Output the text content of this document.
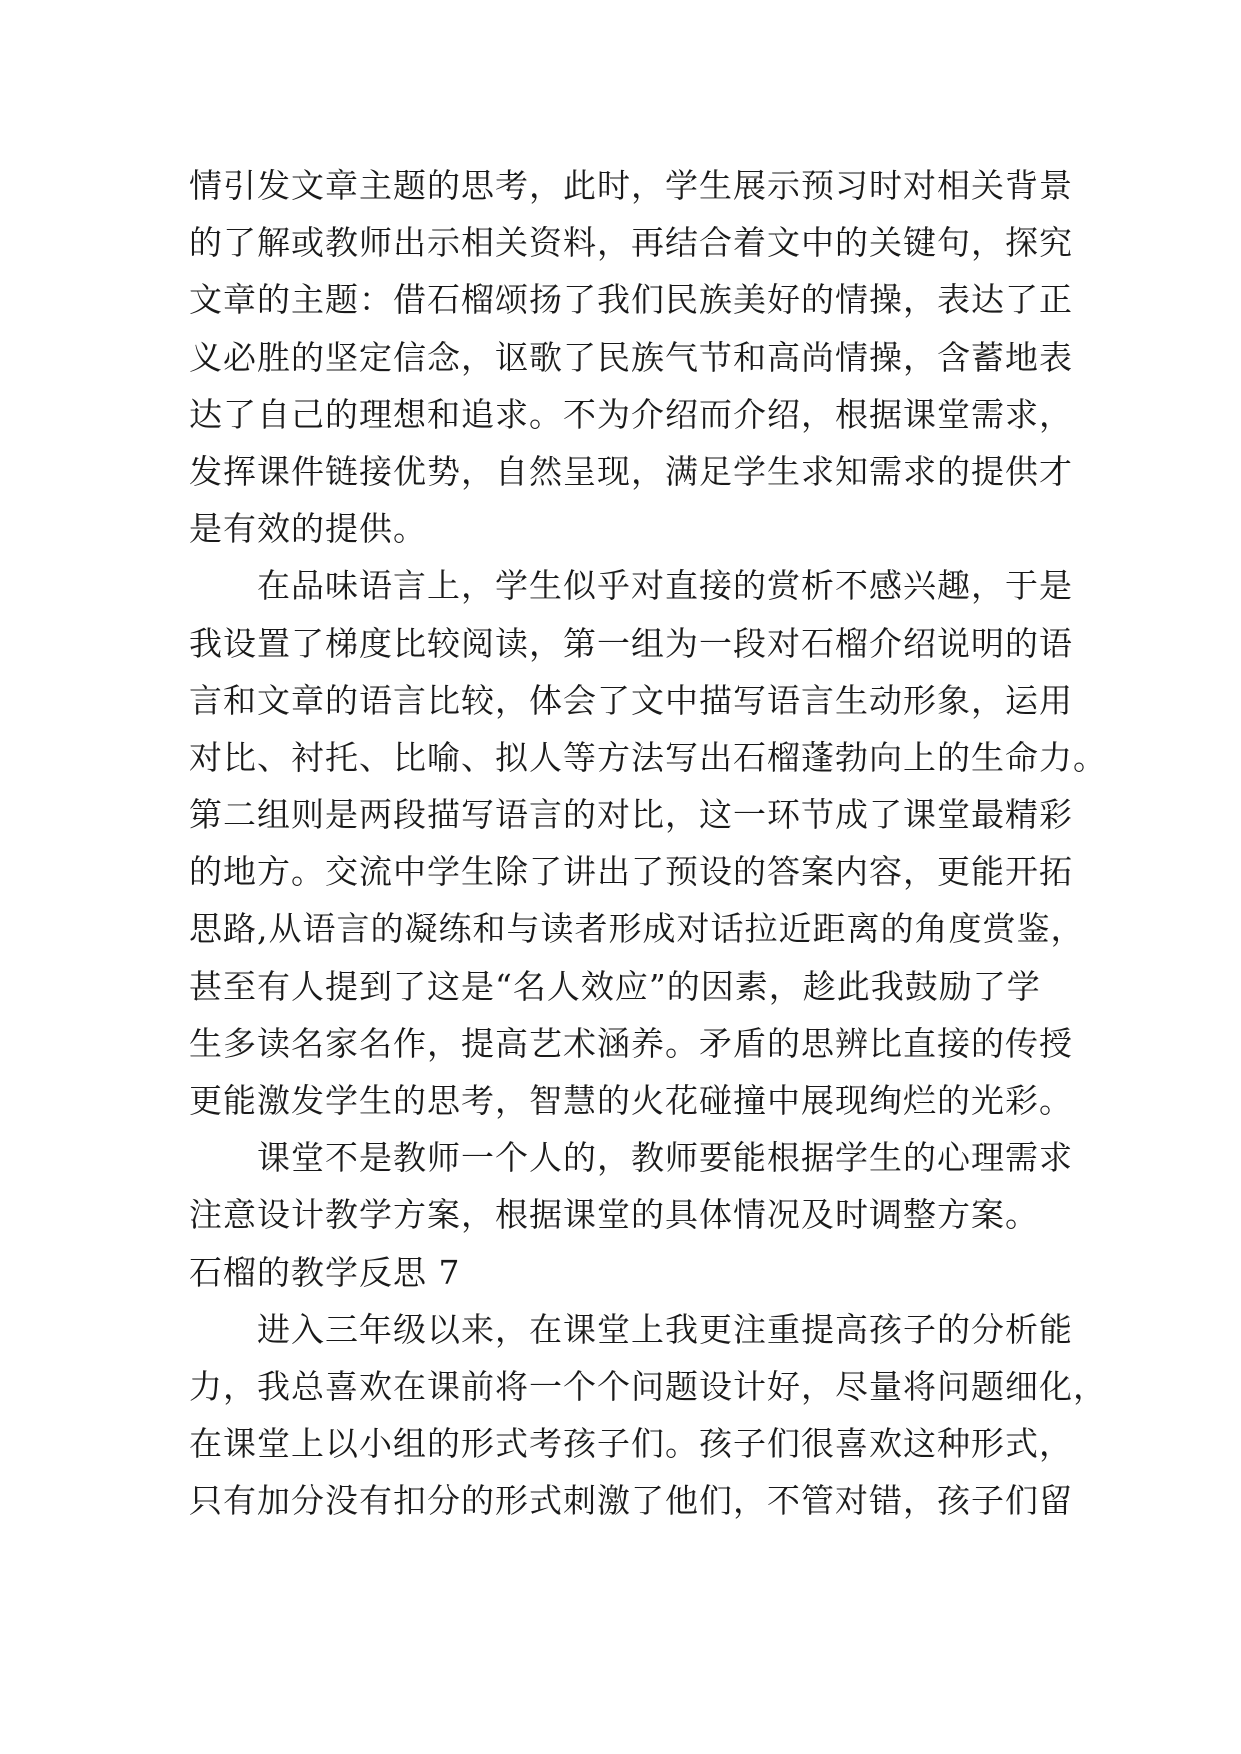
情引发文章主题的思考，此时，学生展示预习时对相关背景
的了解或教师出示相关资料，再结合着文中的关键句，探究
文章的主题：借石榴颂扬了我们民族美好的情操，表达了正
义必胜的坚定信念，讴歌了民族气节和高尚情操，含蓄地表
达了自己的理想和追求。不为介绍而介绍，根据课堂需求，
发挥课件链接优势，自然呈现，满足学生求知需求的提供才
是有效的提供。
在品味语言上，学生似乎对直接的赏析不感兴趣，于是
我设置了梯度比较阅读，第一组为一段对石榴介绍说明的语
言和文章的语言比较，体会了文中描写语言生动形象，运用
对比、衬托、比喻、拟人等方法写出石榴蓬勃向上的生命力。
第二组则是两段描写语言的对比，这一环节成了课堂最精彩
的地方。交流中学生除了讲出了预设的答案内容，更能开拓
思路,从语言的凝练和与读者形成对话拉近距离的角度赏鉴，
甚至有人提到了这是“名人效应”的因素，趁此我鼓励了学
生多读名家名作，提高艺术涵养。矛盾的思辨比直接的传授
更能激发学生的思考，智慧的火花碰撞中展现绚烂的光彩。
课堂不是教师一个人的，教师要能根据学生的心理需求
注意设计教学方案，根据课堂的具体情况及时调整方案。
石榴的教学反思 7
进入三年级以来，在课堂上我更注重提高孩子的分析能
力，我总喜欢在课前将一个个问题设计好，尽量将问题细化，
在课堂上以小组的形式考孩子们。孩子们很喜欢这种形式，
只有加分没有扣分的形式刺激了他们，不管对错，孩子们留
